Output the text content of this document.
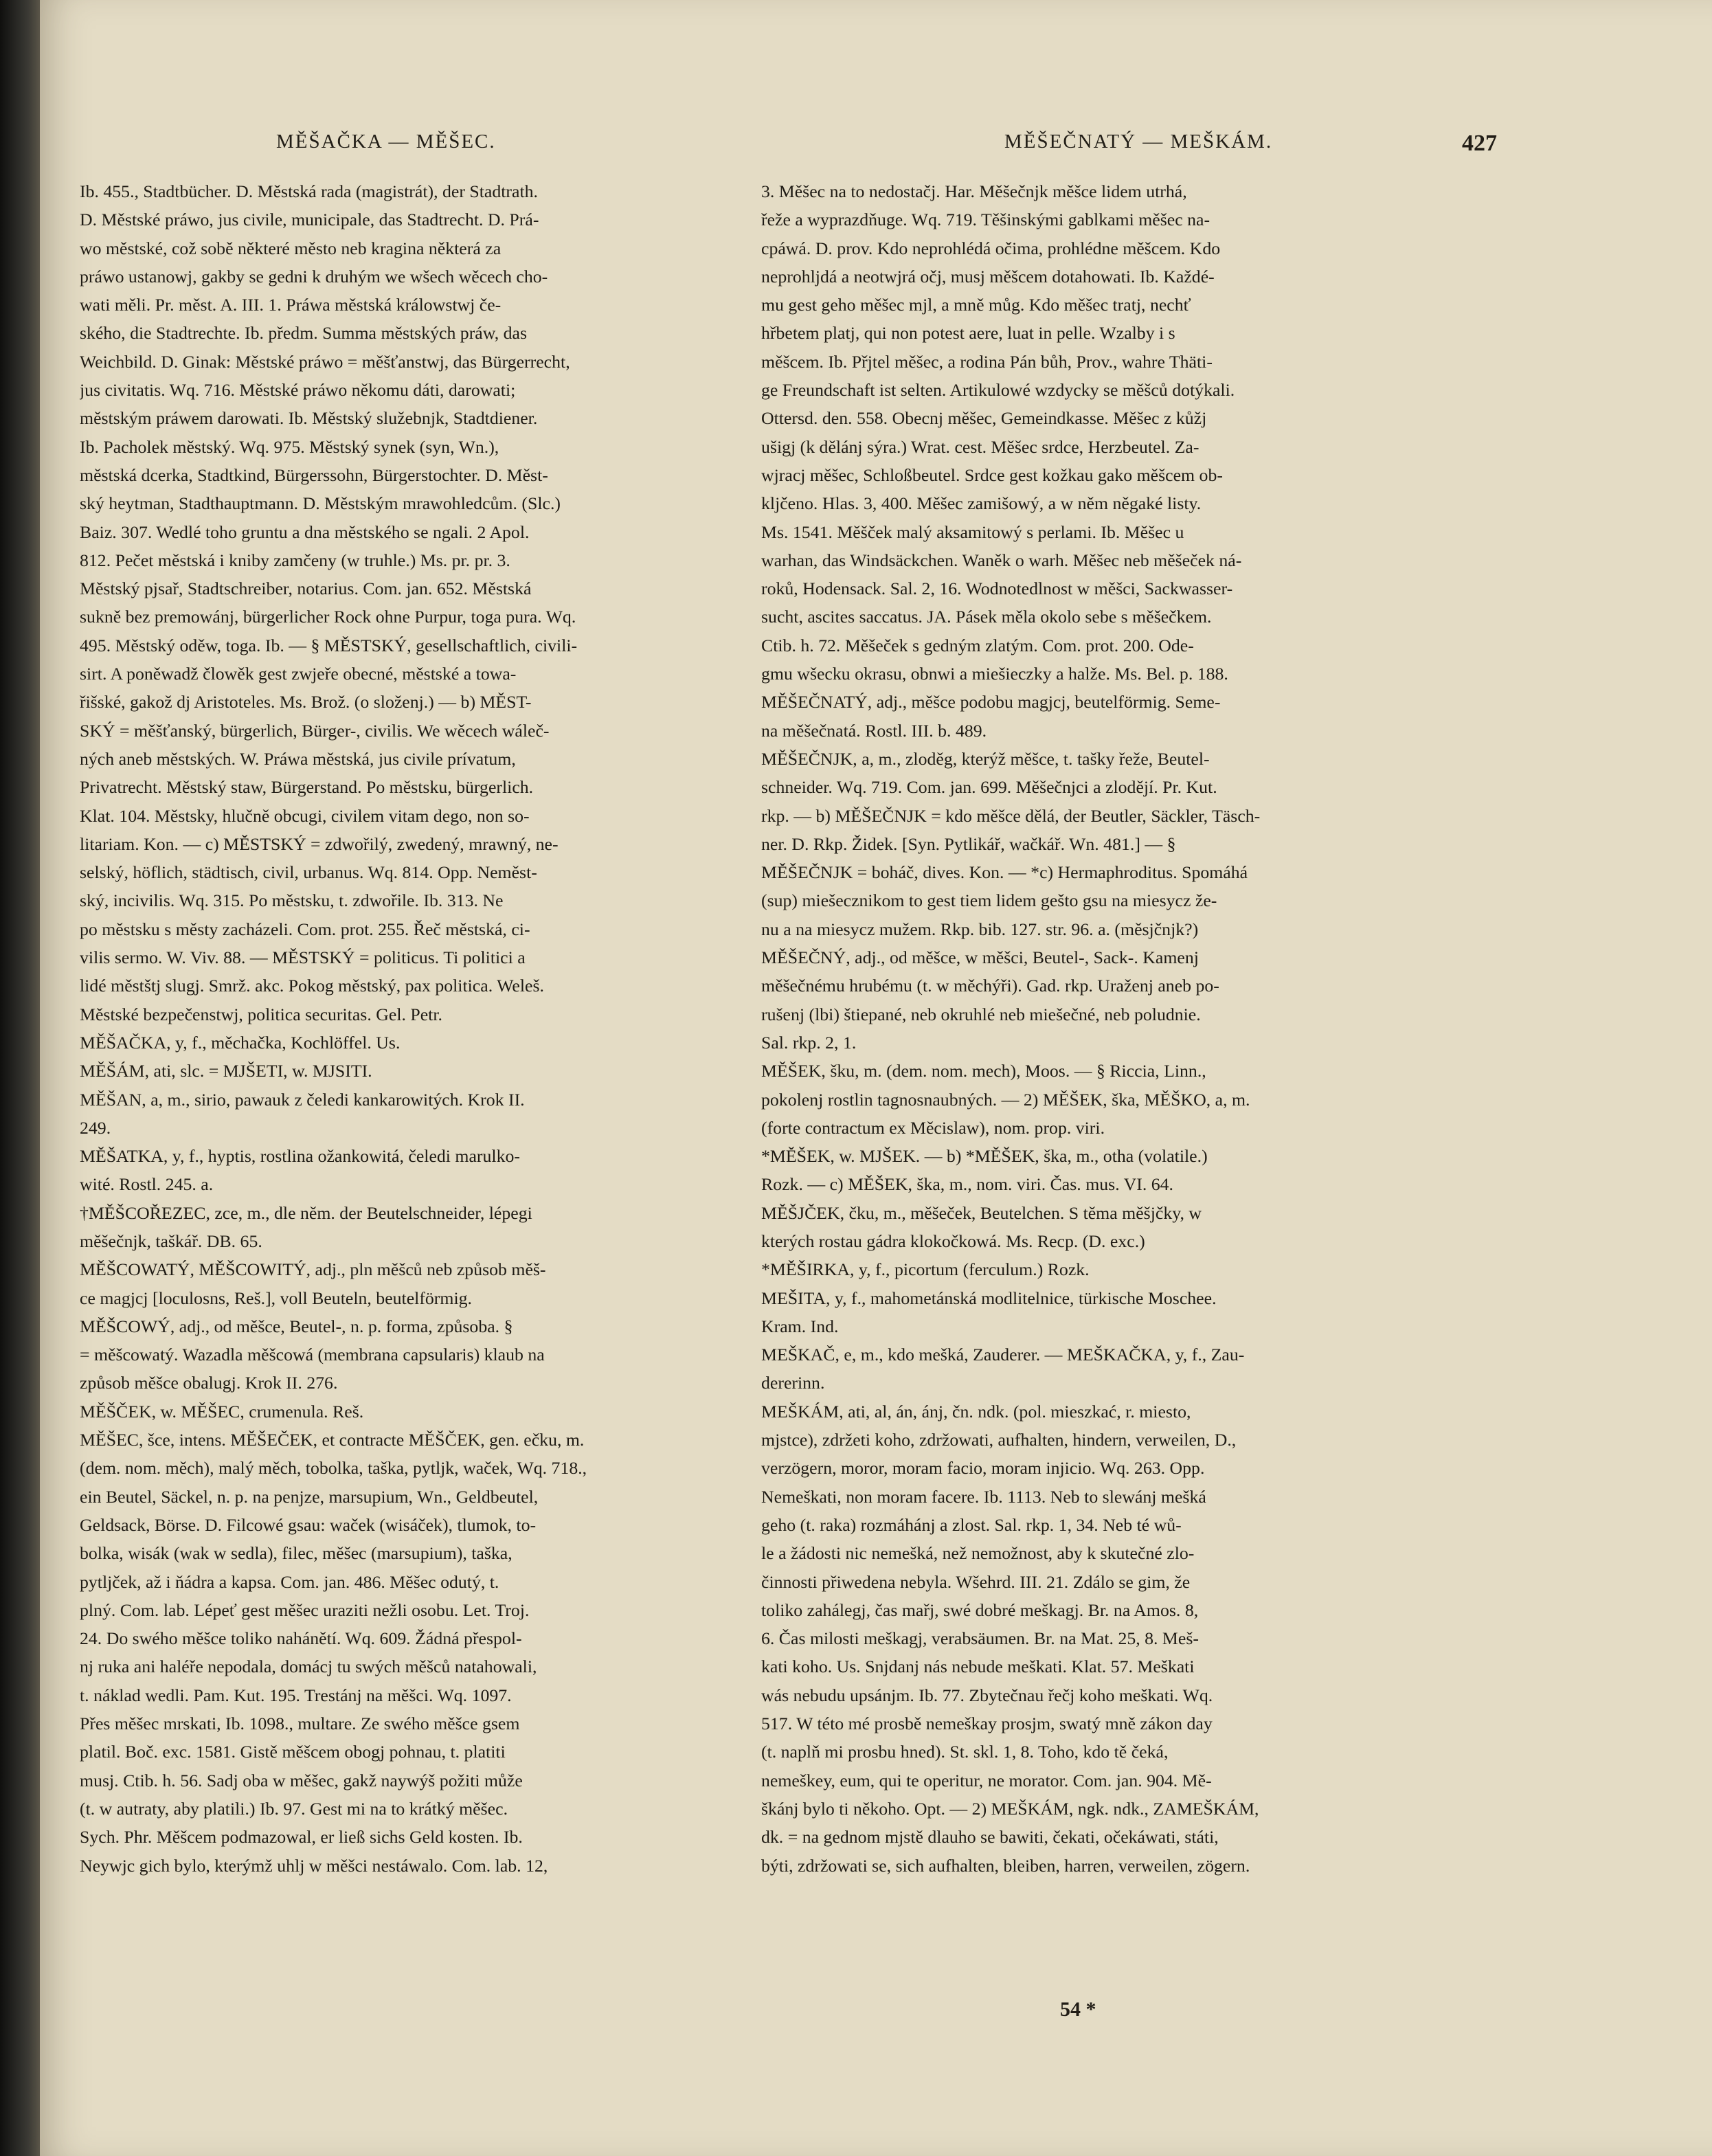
MĚŠAČKA — MĚŠEC.	MĚŠEČNATÝ — MEŠKÁM.	427
Ib. 455., Stadtbücher. D. Městská rada (magistrát), der Stadtrath.
D. Městské práwo, jus civile, municipale, das Stadtrecht. D. Prá-
wo městské, což sobě některé město neb kragina některá za
práwo ustanowj, gakby se gedni k druhým we wšech wěcech cho-
wati měli. Pr. měst. A. III. 1. Práwa městská králowstwj če-
ského, die Stadtrechte. Ib. předm. Summa městských práw, das
Weichbild. D. Ginak: Městské práwo = měšťanstwj, das Bürgerrecht,
jus civitatis. Wq. 716. Městské práwo někomu dáti, darowati;
městským práwem darowati. Ib. Městský služebnjk, Stadtdiener.
Ib. Pacholek městský. Wq. 975. Městský synek (syn, Wn.),
městská dcerka, Stadtkind, Bürgerssohn, Bürgerstochter. D. Měst-
ský heytman, Stadthauptmann. D. Městským mrawohledcům. (Slc.)
Baiz. 307. Wedlé toho gruntu a dna městského se ngali. 2 Apol.
812. Pečet městská i kniby zamčeny (w truhle.) Ms. pr. pr. 3.
Městský pjsař, Stadtschreiber, notarius. Com. jan. 652. Městská
sukně bez premowánj, bürgerlicher Rock ohne Purpur, toga pura. Wq.
495. Městský oděw, toga. Ib. — § MĚSTSKÝ, gesellschaftlich, civili-
sirt. A poněwadž člowěk gest zwjeře obecné, městské a towa-
řišské, gakož dj Aristoteles. Ms. Brož. (o složenj.) — b) MĚST-
SKÝ = měšťanský, bürgerlich, Bürger-, civilis. We wěcech wáleč-
ných aneb městských. W. Práwa městská, jus civile prívatum,
Privatrecht. Městský staw, Bürgerstand. Po městsku, bürgerlich.
Klat. 104. Městsky, hlučně obcugi, civilem vitam dego, non so-
litariam. Kon. — c) MĚSTSKÝ = zdwořilý, zwedený, mrawný, ne-
selský, höflich, städtisch, civil, urbanus. Wq. 814. Opp. Neměst-
ský, incivilis. Wq. 315. Po městsku, t. zdwořile. Ib. 313. Ne
po městsku s městy zacházeli. Com. prot. 255. Řeč městská, ci-
vilis sermo. W. Viv. 88. — MĚSTSKÝ = politicus. Ti politici a
lidé městštj slugj. Smrž. akc. Pokog městský, pax politica. Weleš.
Městské bezpečenstwj, politica securitas. Gel. Petr.
MĚŠAČKA, y, f., měchačka, Kochlöffel. Us.
MĚŠÁM, ati, slc. = MJŠETI, w. MJSITI.
MĚŠAN, a, m., sirio, pawauk z čeledi kankarowitých. Krok II.
249.
MĚŠATKA, y, f., hyptis, rostlina ožankowitá, čeledi marulko-
wité. Rostl. 245. a.
†MĚŠCOŘEZEC, zce, m., dle něm. der Beutelschneider, lépegi
měšečnjk, taškář. DB. 65.
MĚŠCOWATÝ, MĚŠCOWITÝ, adj., pln měšců neb způsob měš-
ce magjcj [loculosns, Reš.], voll Beuteln, beutelförmig.
MĚŠCOWÝ, adj., od měšce, Beutel-, n. p. forma, způsoba. §
= měšcowatý. Wazadla měšcowá (membrana capsularis) klaub na
způsob měšce obalugj. Krok II. 276.
MĚŠČEK, w. MĚŠEC, crumenula. Reš.
MĚŠEC, šce, intens. MĚŠEČEK, et contracte MĚŠČEK, gen. ečku, m.
(dem. nom. měch), malý měch, tobolka, taška, pytljk, waček, Wq. 718.,
ein Beutel, Säckel, n. p. na penjze, marsupium, Wn., Geldbeutel,
Geldsack, Börse. D. Filcowé gsau: waček (wisáček), tlumok, to-
bolka, wisák (wak w sedla), filec, měšec (marsupium), taška,
pytljček, až i ňádra a kapsa. Com. jan. 486. Měšec odutý, t.
plný. Com. lab. Lépeť gest měšec uraziti nežli osobu. Let. Troj.
24. Do swého měšce toliko nahánětí. Wq. 609. Žádná přespol-
nj ruka ani haléře nepodala, domácj tu swých měšců natahowali,
t. náklad wedli. Pam. Kut. 195. Trestánj na měšci. Wq. 1097.
Přes měšec mrskati, Ib. 1098., multare. Ze swého měšce gsem
platil. Boč. exc. 1581. Gistě měšcem obogj pohnau, t. platiti
musj. Ctib. h. 56. Sadj oba w měšec, gakž naywýš požiti může
(t. w autraty, aby platili.) Ib. 97. Gest mi na to krátký měšec.
Sych. Phr. Měšcem podmazowal, er ließ sichs Geld kosten. Ib.
Neywjc gich bylo, kterýmž uhlj w měšci nestáwalo. Com. lab. 12,
3. Měšec na to nedostačj. Har. Měšečnjk měšce lidem utrhá,
řeže a wyprazdňuge. Wq. 719. Těšinskými gablkami měšec na-
cpáwá. D. prov. Kdo neprohlédá očima, prohlédne měšcem. Kdo
neprohljdá a neotwjrá očj, musj měšcem dotahowati. Ib. Každé-
mu gest geho měšec mjl, a mně můg. Kdo měšec tratj, nechť
hřbetem platj, qui non potest aere, luat in pelle. Wzalby i s
měšcem. Ib. Přjtel měšec, a rodina Pán bůh, Prov., wahre Thäti-
ge Freundschaft ist selten. Artikulowé wzdycky se měšců dotýkali.
Ottersd. den. 558. Obecnj měšec, Gemeindkasse. Měšec z kůžj
ušigj (k dělánj sýra.) Wrat. cest. Měšec srdce, Herzbeutel. Za-
wjracj měšec, Schloßbeutel. Srdce gest kožkau gako měšcem ob-
kljčeno. Hlas. 3, 400. Měšec zamišowý, a w něm něgaké listy.
Ms. 1541. Měšček malý aksamitowý s perlami. Ib. Měšec u
warhan, das Windsäckchen. Waněk o warh. Měšec neb měšeček ná-
roků, Hodensack. Sal. 2, 16. Wodnotedlnost w měšci, Sackwasser-
sucht, ascites saccatus. JA. Pásek měla okolo sebe s měšečkem.
Ctib. h. 72. Měšeček s gedným zlatým. Com. prot. 200. Ode-
gmu wšecku okrasu, obnwi a miešieczky a halže. Ms. Bel. p. 188.
MĚŠEČNATÝ, adj., měšce podobu magjcj, beutelförmig. Seme-
na měšečnatá. Rostl. III. b. 489.
MĚŠEČNJK, a, m., zloděg, kterýž měšce, t. tašky řeže, Beutel-
schneider. Wq. 719. Com. jan. 699. Měšečnjci a zlodějí. Pr. Kut.
rkp. — b) MĚŠEČNJK = kdo měšce dělá, der Beutler, Säckler, Täsch-
ner. D. Rkp. Židek. [Syn. Pytlikář, wačkář. Wn. 481.] — §
MĚŠEČNJK = boháč, dives. Kon. — *c) Hermaphroditus. Spomáhá
(sup) miešecznikom to gest tiem lidem gešto gsu na miesycz že-
nu a na miesycz mužem. Rkp. bib. 127. str. 96. a. (měsjčnjk?)
MĚŠEČNÝ, adj., od měšce, w měšci, Beutel-, Sack-. Kamenj
měšečnému hrubému (t. w měchýři). Gad. rkp. Uraženj aneb po-
rušenj (lbi) štiepané, neb okruhlé neb miešečné, neb poludnie.
Sal. rkp. 2, 1.
MĚŠEK, šku, m. (dem. nom. mech), Moos. — § Riccia, Linn.,
pokolenj rostlin tagnosnaubných. — 2) MĚŠEK, ška, MĚŠKO, a, m.
(forte contractum ex Měcislaw), nom. prop. viri.
*MĚŠEK, w. MJŠEK. — b) *MĚŠEK, ška, m., otha (volatile.)
Rozk. — c) MĚŠEK, ška, m., nom. viri. Čas. mus. VI. 64.
MĚŠJČEK, čku, m., měšeček, Beutelchen. S těma měšjčky, w
kterých rostau gádra klokočkowá. Ms. Recp. (D. exc.)
*MĚŠIRKA, y, f., picortum (ferculum.) Rozk.
MEŠITA, y, f., mahometánská modlitelnice, türkische Moschee.
Kram. Ind.
MEŠKAČ, e, m., kdo mešká, Zauderer. — MEŠKAČKA, y, f., Zau-
dererinn.
MEŠKÁM, ati, al, án, ánj, čn. ndk. (pol. mieszkać, r. miesto,
mjstce), zdržeti koho, zdržowati, aufhalten, hindern, verweilen, D.,
verzögern, moror, moram facio, moram injicio. Wq. 263. Opp.
Nemeškati, non moram facere. Ib. 1113. Neb to slewánj mešká
geho (t. raka) rozmáhánj a zlost. Sal. rkp. 1, 34. Neb té wů-
le a žádosti nic nemešká, než nemožnost, aby k skutečné zlo-
činnosti přiwedena nebyla. Wšehrd. III. 21. Zdálo se gim, že
toliko zahálegj, čas mařj, swé dobré meškagj. Br. na Amos. 8,
6. Čas milosti meškagj, verabsäumen. Br. na Mat. 25, 8. Meš-
kati koho. Us. Snjdanj nás nebude meškati. Klat. 57. Meškati
wás nebudu upsánjm. Ib. 77. Zbytečnau řečj koho meškati. Wq.
517. W této mé prosbě nemeškay prosjm, swatý mně zákon day
(t. naplň mi prosbu hned). St. skl. 1, 8. Toho, kdo tě čeká,
nemeškey, eum, qui te operitur, ne morator. Com. jan. 904. Mě-
škánj bylo ti někoho. Opt. — 2) MEŠKÁM, ngk. ndk., ZAMEŠKÁM,
dk. = na gednom mjstě dlauho se bawiti, čekati, očekáwati, státi,
býti, zdržowati se, sich aufhalten, bleiben, harren, verweilen, zögern.
54 *
